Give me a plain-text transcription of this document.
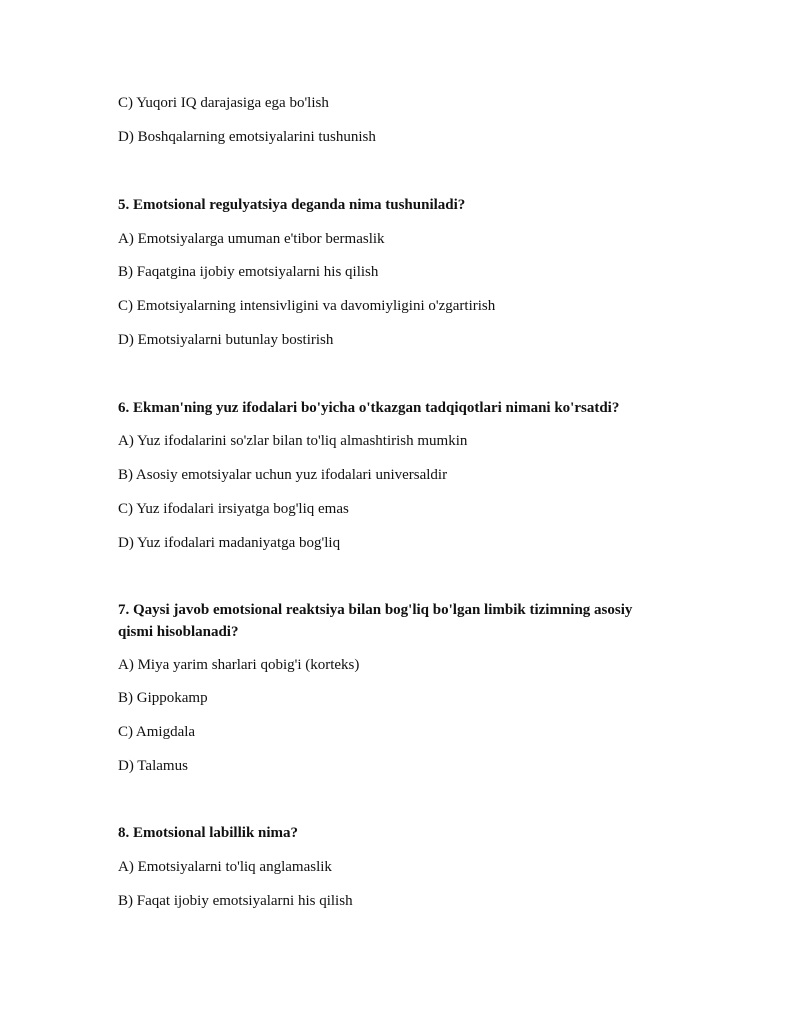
C) Yuqori IQ darajasiga ega bo'lish
D) Boshqalarning emotsiyalarini tushunish
5. Emotsional regulyatsiya deganda nima tushuniladi?
A) Emotsiyalarga umuman e'tibor bermaslik
B) Faqatgina ijobiy emotsiyalarni his qilish
C) Emotsiyalarning intensivligini va davomiyligini o'zgartirish
D) Emotsiyalarni butunlay bostirish
6. Ekman'ning yuz ifodalari bo'yicha o'tkazgan tadqiqotlari nimani ko'rsatdi?
A) Yuz ifodalarini so'zlar bilan to'liq almashtirish mumkin
B) Asosiy emotsiyalar uchun yuz ifodalari universaldir
C) Yuz ifodalari irsiyatga bog'liq emas
D) Yuz ifodalari madaniyatga bog'liq
7. Qaysi javob emotsional reaktsiya bilan bog'liq bo'lgan limbik tizimning asosiy
qismi hisoblanadi?
A) Miya yarim sharlari qobig'i (korteks)
B) Gippokamp
C) Amigdala
D) Talamus
8. Emotsional labillik nima?
A) Emotsiyalarni to'liq anglamaslik
B) Faqat ijobiy emotsiyalarni his qilish
